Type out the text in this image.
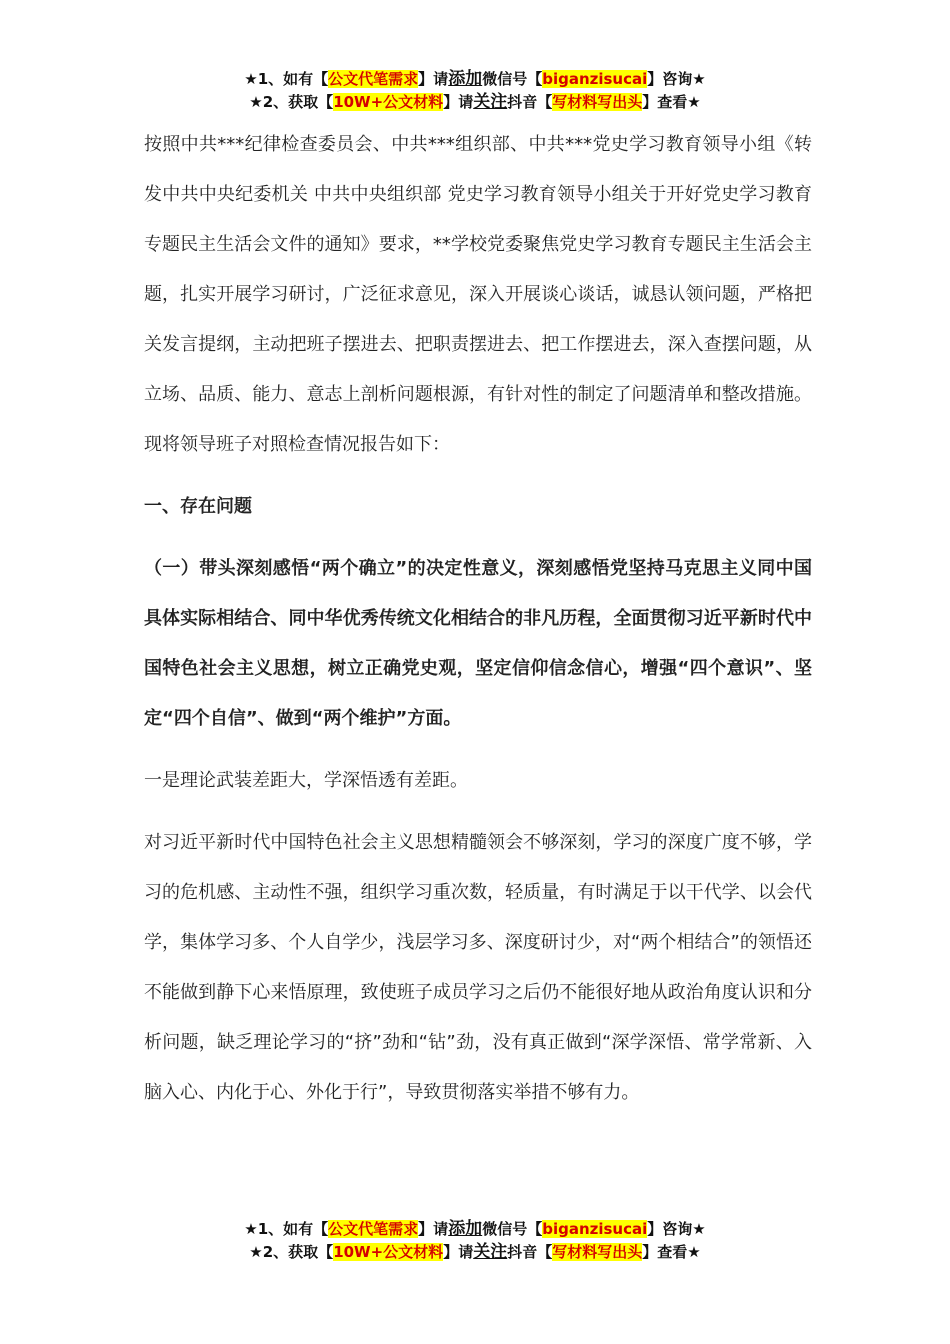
★1、如有【公文代笔需求】请添加微信号【biganzisucai】咨询★
★2、获取【10W+公文材料】请关注抖音【写材料写出头】查看★

按照中共***纪律检查委员会、中共***组织部、中共***党史学习教育领导小组《转发中共中央纪委机关 中共中央组织部 党史学习教育领导小组关于开好党史学习教育专题民主生活会文件的通知》要求，**学校党委聚焦党史学习教育专题民主生活会主题，扎实开展学习研讨，广泛征求意见，深入开展谈心谈话，诚恳认领问题，严格把关发言提纲，主动把班子摆进去、把职责摆进去、把工作摆进去，深入查摆问题，从立场、品质、能力、意志上剖析问题根源，有针对性的制定了问题清单和整改措施。现将领导班子对照检查情况报告如下：

一、存在问题

（一）带头深刻感悟“两个确立”的决定性意义，深刻感悟党坚持马克思主义同中国具体实际相结合、同中华优秀传统文化相结合的非凡历程，全面贯彻习近平新时代中国特色社会主义思想，树立正确党史观，坚定信仰信念信心，增强“四个意识”、坚定“四个自信”、做到“两个维护”方面。

一是理论武装差距大，学深悟透有差距。

对习近平新时代中国特色社会主义思想精髓领会不够深刻，学习的深度广度不够，学习的危机感、主动性不强，组织学习重次数，轻质量，有时满足于以干代学、以会代学，集体学习多、个人自学少，浅层学习多、深度研讨少，对“两个相结合”的领悟还不能做到静下心来悟原理，致使班子成员学习之后仍不能很好地从政治角度认识和分析问题，缺乏理论学习的“挤”劲和“钻”劲，没有真正做到“深学深悟、常学常新、入脑入心、内化于心、外化于行”，导致贯彻落实举措不够有力。

★1、如有【公文代笔需求】请添加微信号【biganzisucai】咨询★
★2、获取【10W+公文材料】请关注抖音【写材料写出头】查看★
